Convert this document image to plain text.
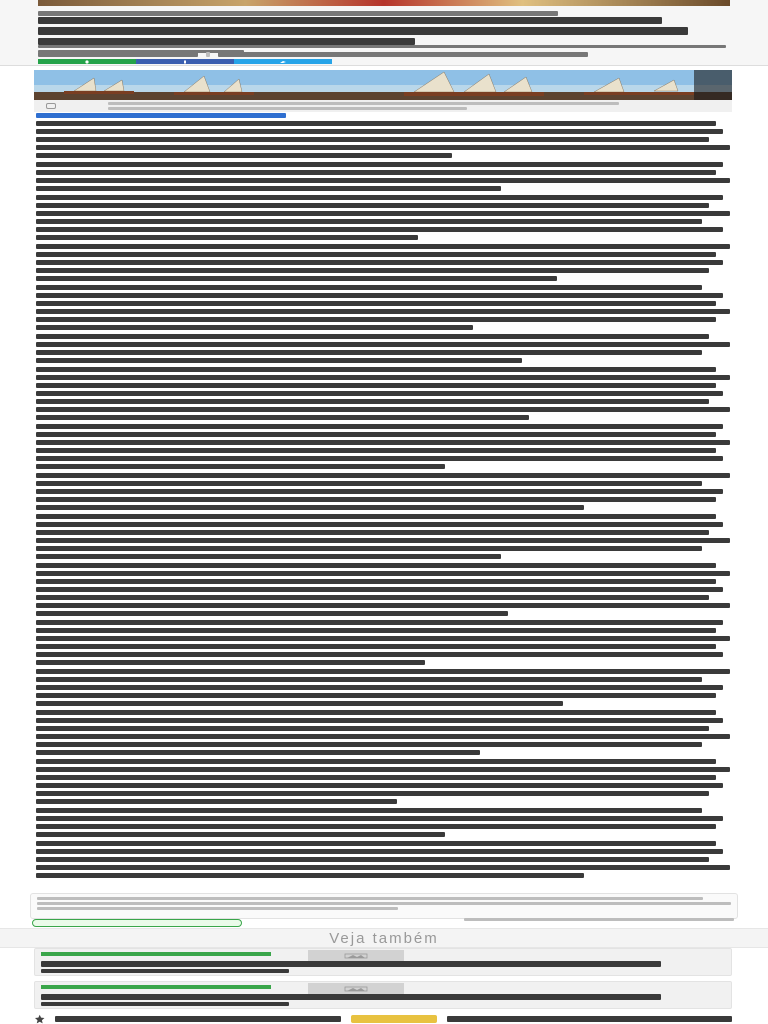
Veja também
